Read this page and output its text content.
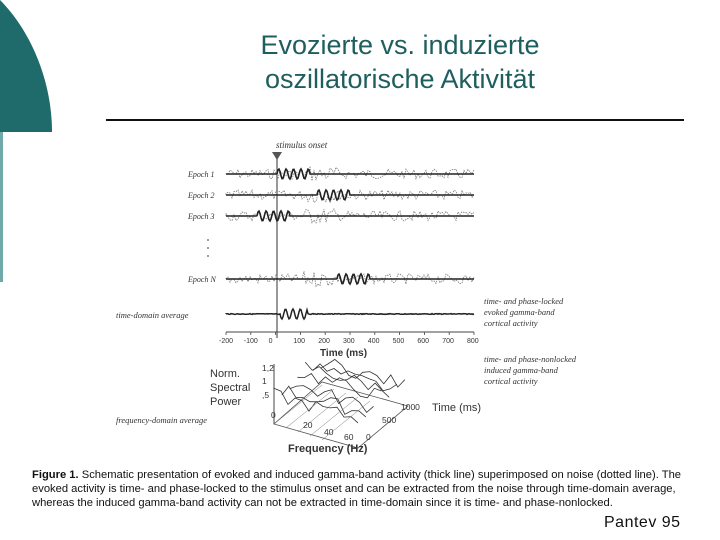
Evozierte vs. induzierte
oszillatorische Aktivität
stimulus onset
Epoch 1
Epoch 2
Epoch 3
Epoch N
time-domain average
-200 -100 0	100 200 300 400 500 600 700 800
Time (ms)
time- and phase-locked
evoked gamma-band
cortical activity
time- and phase-nonlocked
induced gamma-band
cortical activity
Norm.
Spectral
Power
1,2
1
,5
0
20
40 60 0
500
1000 Time (ms)
Frequency (Hz)
frequency-domain average
Figure 1. Schematic presentation of evoked and induced gamma-band activity (thick line) superimposed on noise (dotted line). The evoked activity is time- and phase-locked to the stimulus onset and can be extracted from the noise through time-domain average, whereas the induced gamma-band activity can not be extracted in time-domain since it is time- and phase-nonlocked.
Pantev 95
